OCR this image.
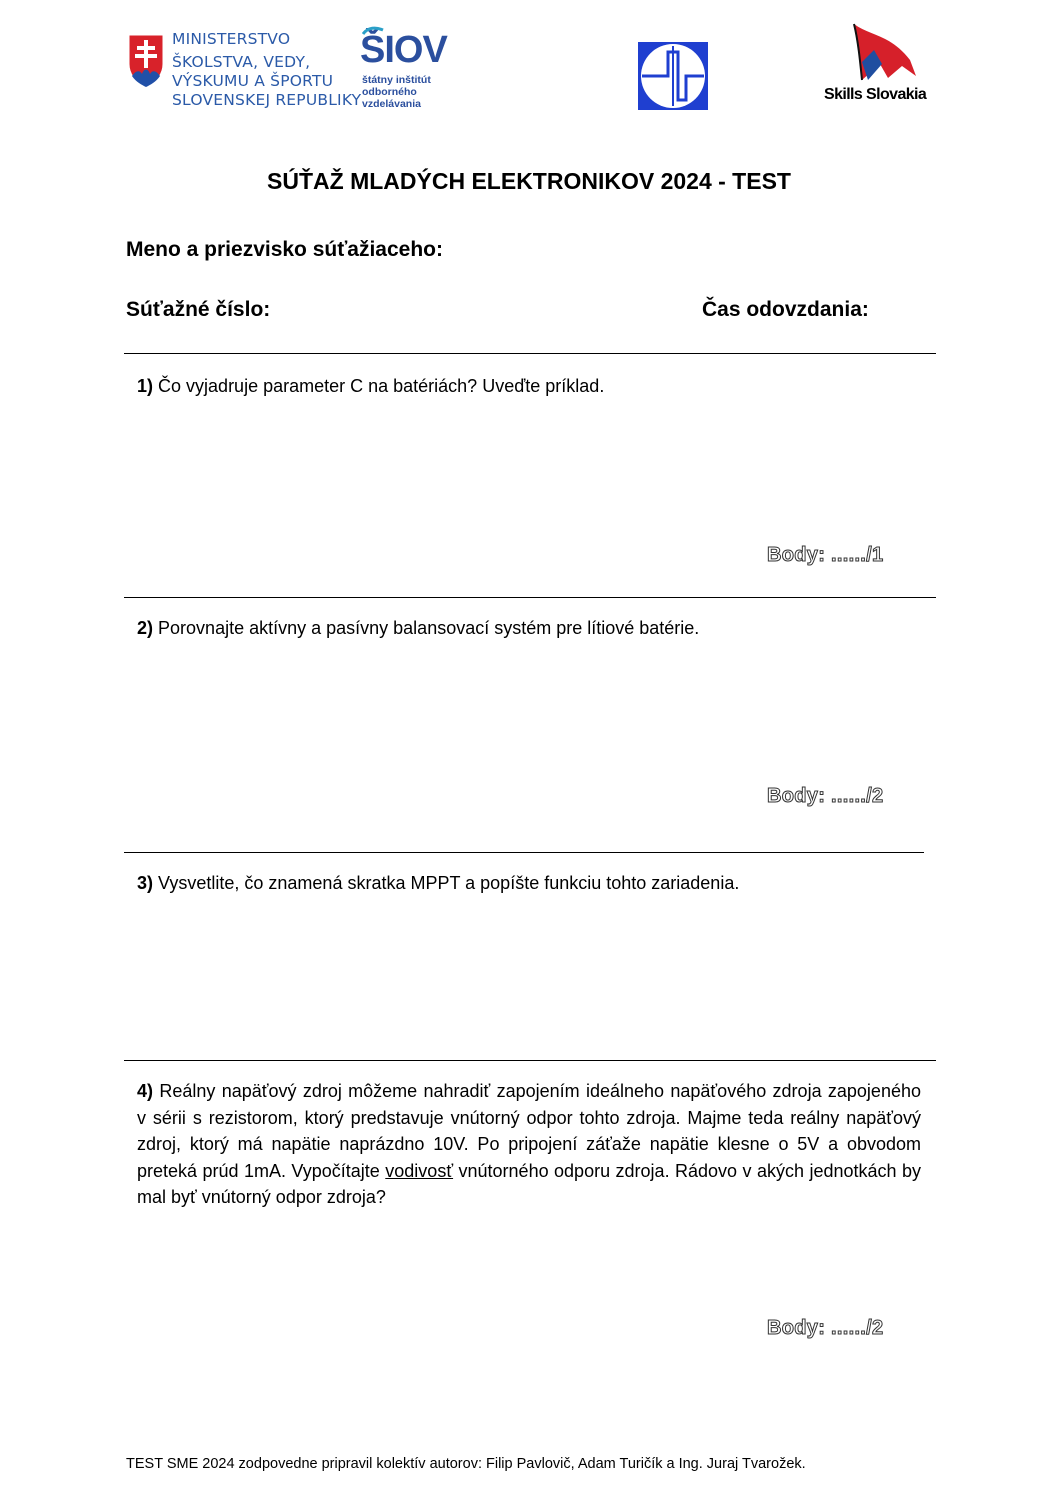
MINISTERSTVO
ŠKOLSTVA, VEDY,
VÝSKUMU A ŠPORTU
SLOVENSKEJ REPUBLIKY
ŠIOV
štátny inštitút
odborného
vzdelávania
Skills Slovakia
SÚŤAŽ MLADÝCH ELEKTRONIKOV 2024 - TEST
Meno a priezvisko súťažiaceho:
Súťažné číslo:	Čas odovzdania:
1) Čo vyjadruje parameter C na batériách? Uveďte príklad.
Body: ....../1
2) Porovnajte aktívny a pasívny balansovací systém pre lítiové batérie.
Body: ....../2
3) Vysvetlite, čo znamená skratka MPPT a popíšte funkciu tohto zariadenia.
4) Reálny napäťový zdroj môžeme nahradiť zapojením ideálneho napäťového zdroja zapojeného v sérii s rezistorom, ktorý predstavuje vnútorný odpor tohto zdroja. Majme teda reálny napäťový zdroj, ktorý má napätie naprázdno 10V. Po pripojení záťaže napätie klesne o 5V a obvodom preteká prúd 1mA. Vypočítajte vodivosť vnútorného odporu zdroja. Rádovo v akých jednotkách by mal byť vnútorný odpor zdroja?
Body: ....../2
TEST SME 2024 zodpovedne pripravil kolektív autorov: Filip Pavlovič, Adam Turičík a Ing. Juraj Tvarožek.
